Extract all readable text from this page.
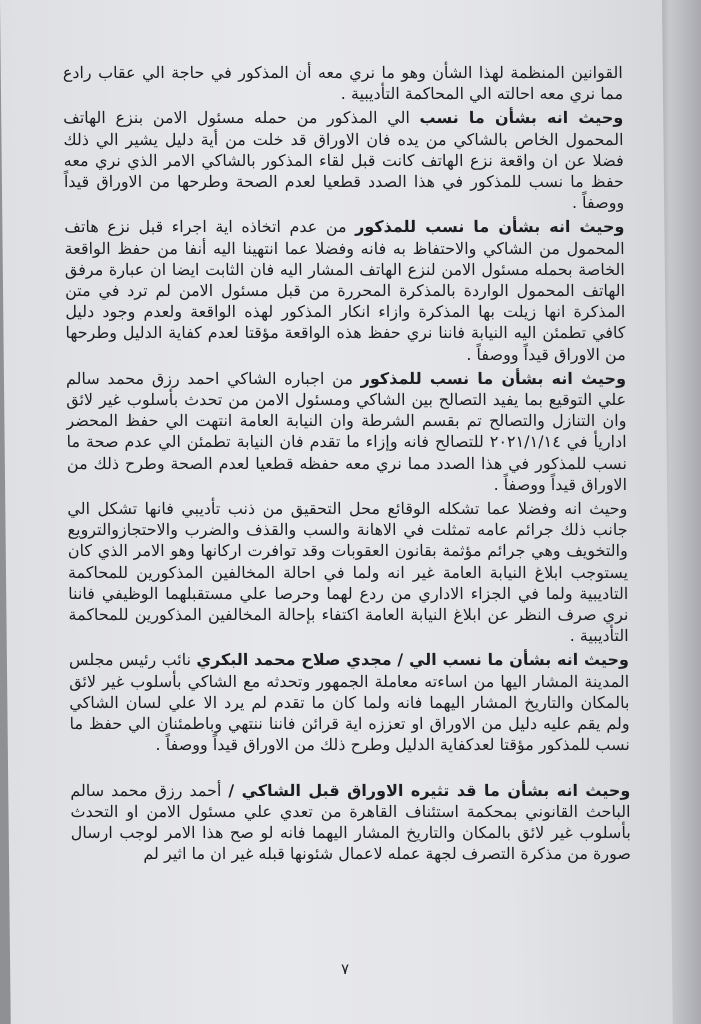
القوانين المنظمة لهذا الشأن وهو ما نري معه أن المذكور في حاجة الي عقاب رادع مما نري معه احالته الي المحاكمة التأديبية .

وحيث انه بشأن ما نسب الي المذكور من حمله مسئول الامن بنزع الهاتف المحمول الخاص بالشاكي من يده فان الاوراق قد خلت من أية دليل يشير الي ذلك فضلا عن ان واقعة نزع الهاتف كانت قبل لقاء المذكور بالشاكي الامر الذي نري معه حفظ ما نسب للمذكور في هذا الصدد قطعيا لعدم الصحة وطرحها من الاوراق قيداً ووصفاً .

وحيث انه بشأن ما نسب للمذكور من عدم اتخاذه اية اجراء قبل نزع هاتف المحمول من الشاكي والاحتفاظ به فانه وفضلا عما انتهينا اليه أنفا من حفظ الواقعة الخاصة بحمله مسئول الامن لنزع الهاتف المشار اليه فان الثابت ايضا ان عبارة مرفق الهاتف المحمول الواردة بالمذكرة المحررة من قبل مسئول الامن لم ترد في متن المذكرة انها زيلت بها المذكرة وازاء انكار المذكور لهذه الواقعة ولعدم وجود دليل كافي تطمئن اليه النيابة فاننا نري حفظ هذه الواقعة مؤقتا لعدم كفاية الدليل وطرحها من الاوراق قيداً ووصفاً .

وحيث انه بشأن ما نسب للمذكور من اجباره الشاكي احمد رزق محمد سالم علي التوقيع بما يفيد التصالح بين الشاكي ومسئول الامن من تحدث بأسلوب غير لائق وان التنازل والتصالح تم بقسم الشرطة وان النيابة العامة انتهت الي حفظ المحضر اداريأ في ٢٠٢١/١/١٤ للتصالح فانه وإزاء ما تقدم فان النيابة تطمئن الي عدم صحة ما نسب للمذكور في هذا الصدد مما نري معه حفظه قطعيا لعدم الصحة وطرح ذلك من الاوراق قيداً ووصفاً .

وحيث انه وفضلا عما تشكله الوقائع محل التحقيق من ذنب تأديبي فانها تشكل الي جانب ذلك جرائم عامه تمثلت في الاهانة والسب والقذف والضرب والاحتجازوالترويع والتخويف وهي جرائم مؤثمة بقانون العقوبات وقد توافرت اركانها وهو الامر الذي كان يستوجب ابلاغ النيابة العامة غير انه ولما في احالة المخالفين المذكورين للمحاكمة التاديبية ولما في الجزاء الاداري من ردع لهما وحرصا علي مستقبلهما الوظيفي فاننا نري صرف النظر عن ابلاغ النيابة العامة اكتفاء بإحالة المخالفين المذكورين للمحاكمة التأديبية .

وحيث انه بشأن ما نسب الي / مجدي صلاح محمد البكري نائب رئيس مجلس المدينة المشار اليها من اساءته معاملة الجمهور وتحدثه مع الشاكي بأسلوب غير لائق بالمكان والتاريخ المشار اليهما فانه ولما كان ما تقدم لم يرد الا علي لسان الشاكي ولم يقم عليه دليل من الاوراق او تعززه اية قرائن فاننا ننتهي وباطمئنان الي حفظ ما نسب للمذكور مؤقتا لعدكفاية الدليل وطرح ذلك من الاوراق قيداً ووصفاً .

وحيث انه بشأن ما قد تثيره الاوراق قبل الشاكي / أحمد رزق محمد سالم الباحث القانوني بمحكمة استئناف القاهرة من تعدي علي مسئول الامن او التحدث بأسلوب غير لائق بالمكان والتاريخ المشار اليهما فانه لو صح هذا الامر لوجب ارسال صورة من مذكرة التصرف لجهة عمله لاعمال شئونها قبله غير ان ما اثير لم

٧
